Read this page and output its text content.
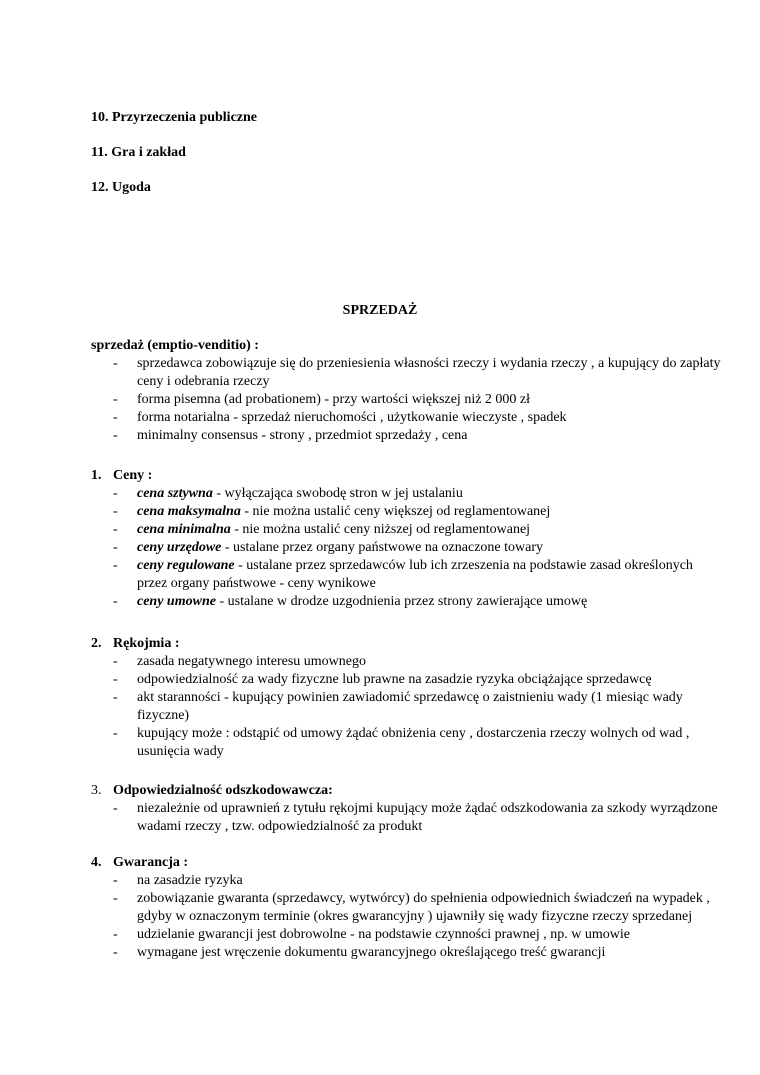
10. Przyrzeczenia publiczne
11. Gra i zakład
12. Ugoda
SPRZEDAŻ
sprzedaż (emptio-venditio) :
- sprzedawca zobowiązuje się do przeniesienia własności rzeczy i wydania rzeczy , a kupujący do zapłaty ceny i odebrania rzeczy
- forma pisemna (ad probationem) - przy wartości większej niż 2 000 zł
- forma notarialna - sprzedaż nieruchomości , użytkowanie wieczyste , spadek
- minimalny consensus - strony , przedmiot sprzedaży , cena
1. Ceny :
- cena sztywna - wyłączająca swobodę stron w jej ustalaniu
- cena maksymalna - nie można ustalić ceny większej od reglamentowanej
- cena minimalna - nie można ustalić ceny niższej od reglamentowanej
- ceny urzędowe - ustalane przez organy państwowe na oznaczone towary
- ceny regulowane - ustalane przez sprzedawców lub ich zrzeszenia na podstawie zasad określonych przez organy państwowe - ceny wynikowe
- ceny umowne - ustalane w drodze uzgodnienia przez strony zawierające umowę
2. Rękojmia :
- zasada negatywnego interesu umownego
- odpowiedzialność za wady fizyczne lub prawne na zasadzie ryzyka obciążające sprzedawcę
- akt staranności - kupujący powinien zawiadomić sprzedawcę o zaistnieniu wady (1 miesiąc wady fizyczne)
- kupujący może : odstąpić od umowy żądać obniżenia ceny , dostarczenia rzeczy wolnych od wad , usunięcia wady
3. Odpowiedzialność odszkodowawcza:
- niezależnie od uprawnień z tytułu rękojmi kupujący może żądać odszkodowania za szkody wyrządzone wadami rzeczy , tzw. odpowiedzialność za produkt
4. Gwarancja :
- na zasadzie ryzyka
- zobowiązanie gwaranta (sprzedawcy, wytwórcy) do spełnienia odpowiednich świadczeń na wypadek , gdyby w oznaczonym terminie (okres gwarancyjny ) ujawniły się wady fizyczne rzeczy sprzedanej
- udzielanie gwarancji jest dobrowolne - na podstawie czynności prawnej , np. w umowie
- wymagane jest wręczenie dokumentu gwarancyjnego określającego treść gwarancji
